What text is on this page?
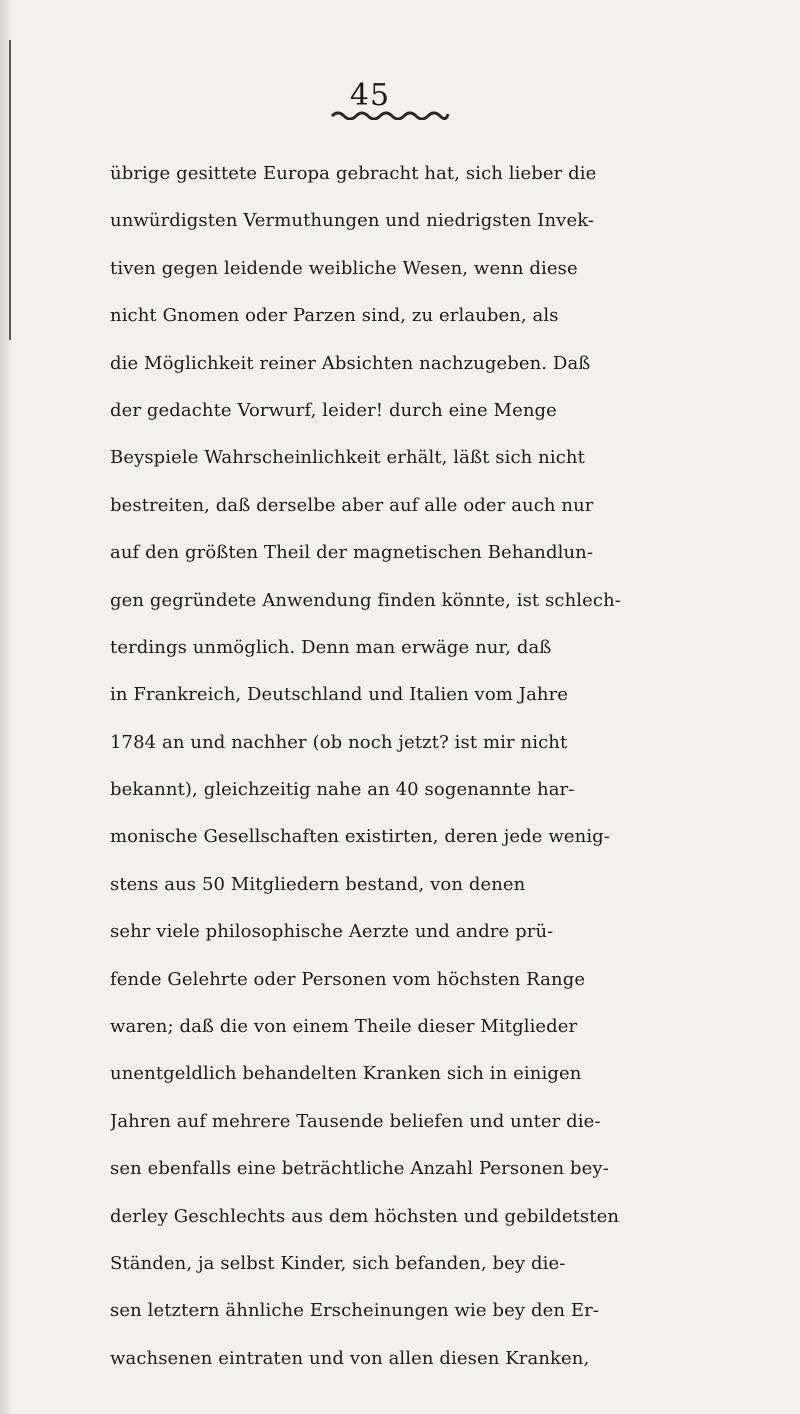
45
übrige gesittete Europa gebracht hat, sich lieber die
unwürdigsten Vermuthungen und niedrigsten Invek-
tiven gegen leidende weibliche Wesen, wenn diese
nicht Gnomen oder Parzen sind, zu erlauben, als
die Möglichkeit reiner Absichten nachzugeben. Daß
der gedachte Vorwurf, leider! durch eine Menge
Beyspiele Wahrscheinlichkeit erhält, läßt sich nicht
bestreiten, daß derselbe aber auf alle oder auch nur
auf den größten Theil der magnetischen Behandlun-
gen gegründete Anwendung finden könnte, ist schlech-
terdings unmöglich. Denn man erwäge nur, daß
in Frankreich, Deutschland und Italien vom Jahre
1784 an und nachher (ob noch jetzt? ist mir nicht
bekannt), gleichzeitig nahe an 40 sogenannte har-
monische Gesellschaften existirten, deren jede wenig-
stens aus 50 Mitgliedern bestand, von denen
sehr viele philosophische Aerzte und andre prü-
fende Gelehrte oder Personen vom höchsten Range
waren; daß die von einem Theile dieser Mitglieder
unentgeldlich behandelten Kranken sich in einigen
Jahren auf mehrere Tausende beliefen und unter die-
sen ebenfalls eine beträchtliche Anzahl Personen bey-
derley Geschlechts aus dem höchsten und gebildetsten
Ständen, ja selbst Kinder, sich befanden, bey die-
sen letztern ähnliche Erscheinungen wie bey den Er-
wachsenen eintraten und von allen diesen Kranken,
